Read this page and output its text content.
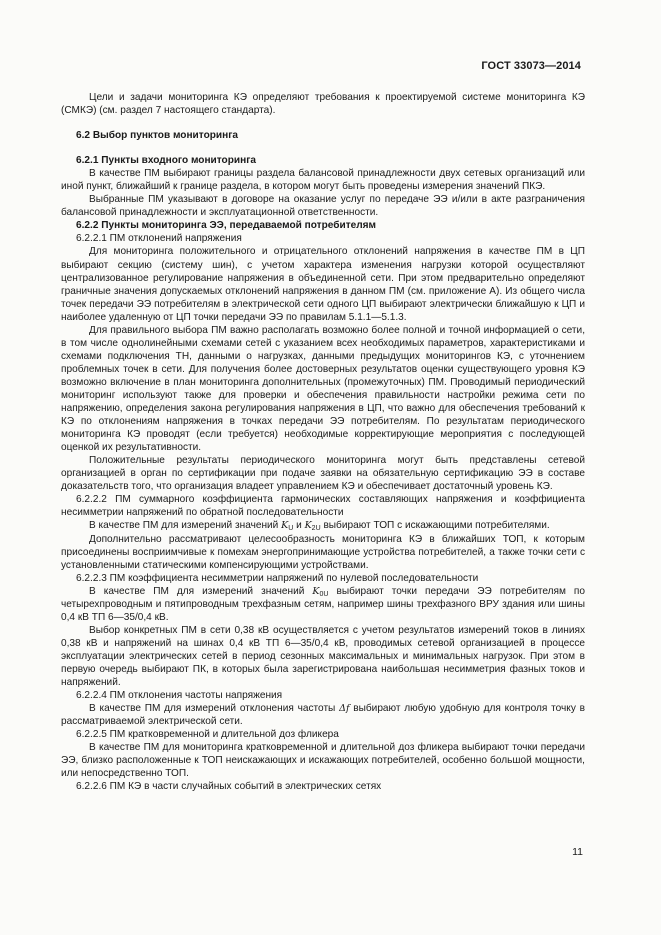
ГОСТ 33073—2014

Цели и задачи мониторинга КЭ определяют требования к проектируемой системе мониторинга КЭ (СМКЭ) (см. раздел 7 настоящего стандарта).

6.2 Выбор пунктов мониторинга

6.2.1 Пункты входного мониторинга

В качестве ПМ выбирают границы раздела балансовой принадлежности двух сетевых организаций или иной пункт, ближайший к границе раздела, в котором могут быть проведены измерения значений ПКЭ.

Выбранные ПМ указывают в договоре на оказание услуг по передаче ЭЭ и/или в акте разграничения балансовой принадлежности и эксплуатационной ответственности.

6.2.2 Пункты мониторинга ЭЭ, передаваемой потребителям

6.2.2.1 ПМ отклонений напряжения

Для мониторинга положительного и отрицательного отклонений напряжения в качестве ПМ в ЦП выбирают секцию (систему шин), с учетом характера изменения нагрузки которой осуществляют централизованное регулирование напряжения в объединенной сети. При этом предварительно определяют граничные значения допускаемых отклонений напряжения в данном ПМ (см. приложение А). Из общего числа точек передачи ЭЭ потребителям в электрической сети одного ЦП выбирают электрически ближайшую к ЦП и наиболее удаленную от ЦП точки передачи ЭЭ по правилам 5.1.1—5.1.3.

Для правильного выбора ПМ важно располагать возможно более полной и точной информацией о сети, в том числе однолинейными схемами сетей с указанием всех необходимых параметров, характеристиками и схемами подключения ТН, данными о нагрузках, данными предыдущих мониторингов КЭ, с уточнением проблемных точек в сети. Для получения более достоверных результатов оценки существующего уровня КЭ возможно включение в план мониторинга дополнительных (промежуточных) ПМ. Проводимый периодический мониторинг используют также для проверки и обеспечения правильности настройки режима сети по напряжению, определения закона регулирования напряжения в ЦП, что важно для обеспечения требований к КЭ по отклонениям напряжения в точках передачи ЭЭ потребителям. По результатам периодического мониторинга КЭ проводят (если требуется) необходимые корректирующие мероприятия с последующей оценкой их результативности.

Положительные результаты периодического мониторинга могут быть представлены сетевой организацией в орган по сертификации при подаче заявки на обязательную сертификацию ЭЭ в составе доказательств того, что организация владеет управлением КЭ и обеспечивает достаточный уровень КЭ.

6.2.2.2 ПМ суммарного коэффициента гармонических составляющих напряжения и коэффициента несимметрии напряжений по обратной последовательности

В качестве ПМ для измерений значений $K_U$ и $K_{2U}$ выбирают ТОП с искажающими потребителями.

Дополнительно рассматривают целесообразность мониторинга КЭ в ближайших ТОП, к которым присоединены восприимчивые к помехам энергопринимающие устройства потребителей, а также точки сети с установленными статическими компенсирующими устройствами.

6.2.2.3 ПМ коэффициента несимметрии напряжений по нулевой последовательности

В качестве ПМ для измерений значений $K_{0U}$ выбирают точки передачи ЭЭ потребителям по четырехпроводным и пятипроводным трехфазным сетям, например шины трехфазного ВРУ здания или шины 0,4 кВ ТП 6—35/0,4 кВ.

Выбор конкретных ПМ в сети 0,38 кВ осуществляется с учетом результатов измерений токов в линиях 0,38 кВ и напряжений на шинах 0,4 кВ ТП 6—35/0,4 кВ, проводимых сетевой организацией в процессе эксплуатации электрических сетей в период сезонных максимальных и минимальных нагрузок. При этом в первую очередь выбирают ПК, в которых была зарегистрирована наибольшая несимметрия фазных токов и напряжений.

6.2.2.4 ПМ отклонения частоты напряжения

В качестве ПМ для измерений отклонения частоты Δf выбирают любую удобную для контроля точку в рассматриваемой электрической сети.

6.2.2.5 ПМ кратковременной и длительной доз фликера

В качестве ПМ для мониторинга кратковременной и длительной доз фликера выбирают точки передачи ЭЭ, близко расположенные к ТОП неискажающих и искажающих потребителей, особенно большой мощности, или непосредственно ТОП.

6.2.2.6 ПМ КЭ в части случайных событий в электрических сетях

11
